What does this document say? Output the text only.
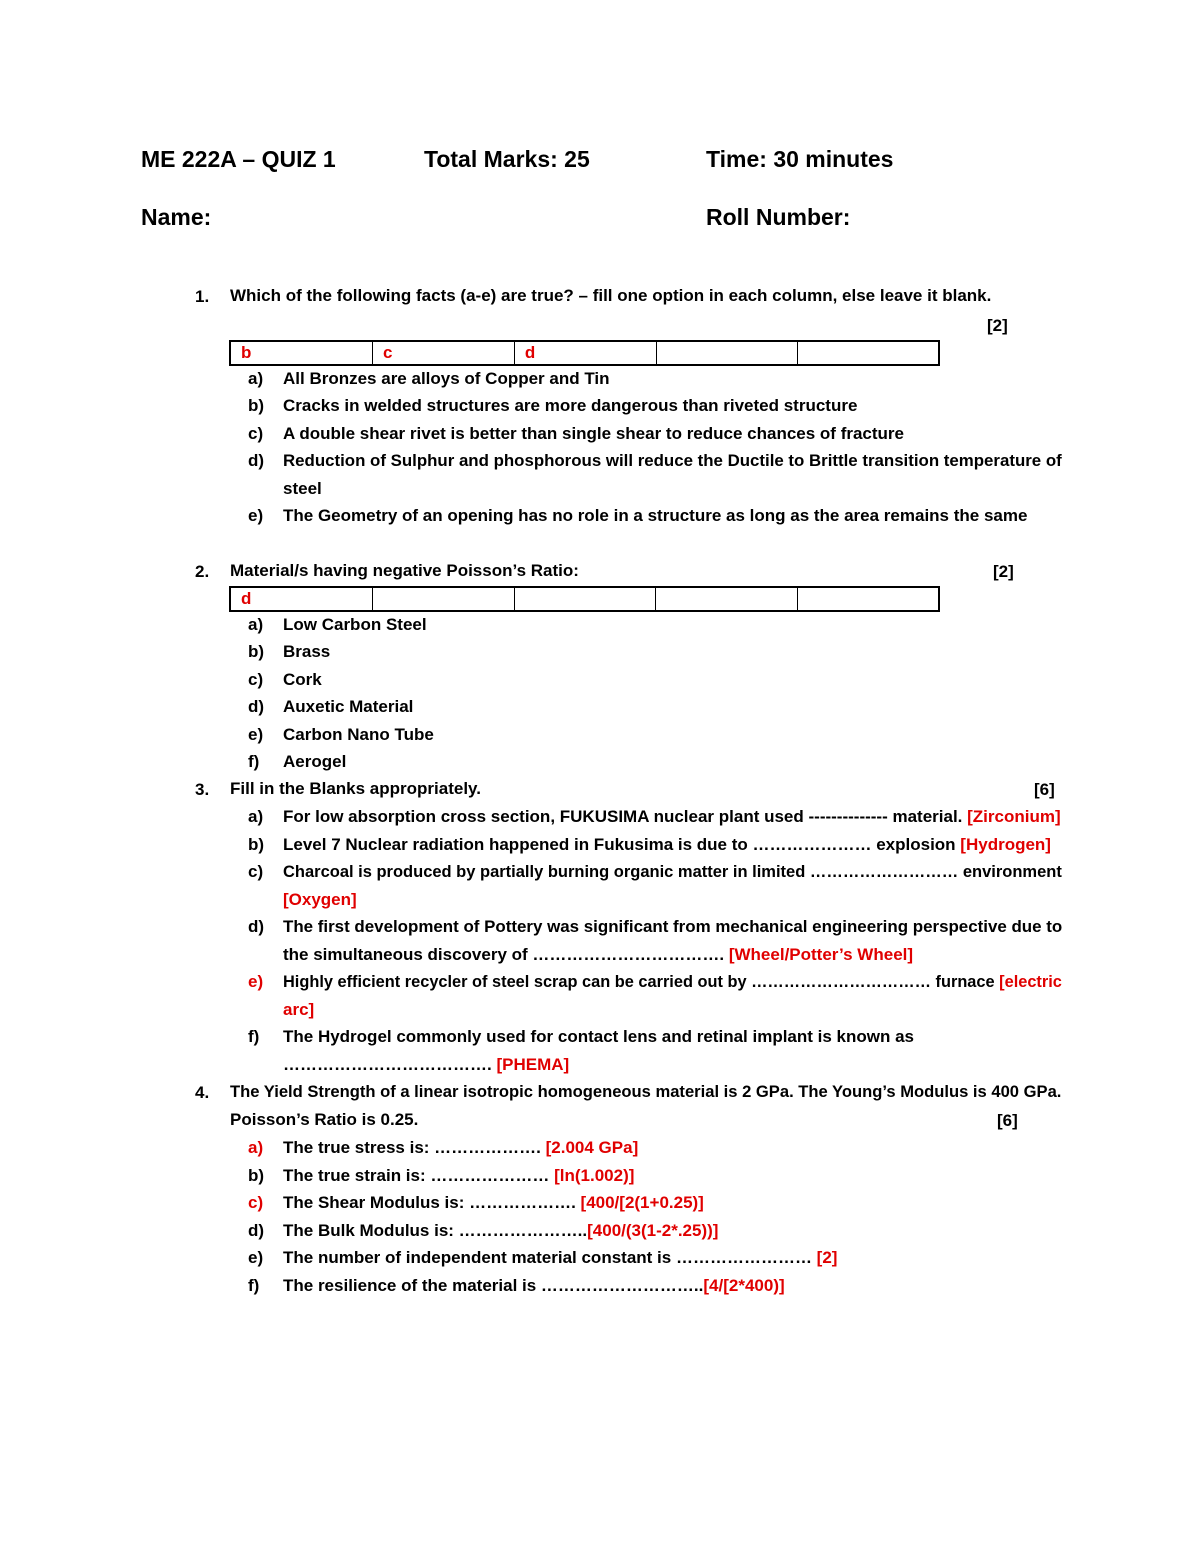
ME 222A – QUIZ 1	Total Marks: 25	Time: 30 minutes
Name:	Roll Number:
1. Which of the following facts (a-e) are true? – fill one option in each column, else leave it blank.
[2]
b	c	d		
a) All Bronzes are alloys of Copper and Tin
b) Cracks in welded structures are more dangerous than riveted structure
c) A double shear rivet is better than single shear to reduce chances of fracture
d) Reduction of Sulphur and phosphorous will reduce the Ductile to Brittle transition temperature of
steel
e) The Geometry of an opening has no role in a structure as long as the area remains the same
2. Material/s having negative Poisson’s Ratio:	[2]
d				
a) Low Carbon Steel
b) Brass
c) Cork
d) Auxetic Material
e) Carbon Nano Tube
f) Aerogel
3. Fill in the Blanks appropriately.	[6]
a) For low absorption cross section, FUKUSIMA nuclear plant used -------------- material. [Zirconium]
b) Level 7 Nuclear radiation happened in Fukusima is due to ………………… explosion [Hydrogen]
c) Charcoal is produced by partially burning organic matter in limited ……………………… environment
[Oxygen]
d) The first development of Pottery was significant from mechanical engineering perspective due to
the simultaneous discovery of ……………………………. [Wheel/Potter’s Wheel]
e) Highly efficient recycler of steel scrap can be carried out by …………………………… furnace [electric
arc]
f) The Hydrogel commonly used for contact lens and retinal implant is known as
………………………………. [PHEMA]
4. The Yield Strength of a linear isotropic homogeneous material is 2 GPa. The Young’s Modulus is 400 GPa.
Poisson’s Ratio is 0.25.	[6]
a) The true stress is: ………………. [2.004 GPa]
b) The true strain is: ………………… [ln(1.002)]
c) The Shear Modulus is: ………………. [400/[2(1+0.25)]
d) The Bulk Modulus is: …………………..[400/(3(1-2*.25))]
e) The number of independent material constant is …………………… [2]
f) The resilience of the material is ………………………..[4/[2*400)]
